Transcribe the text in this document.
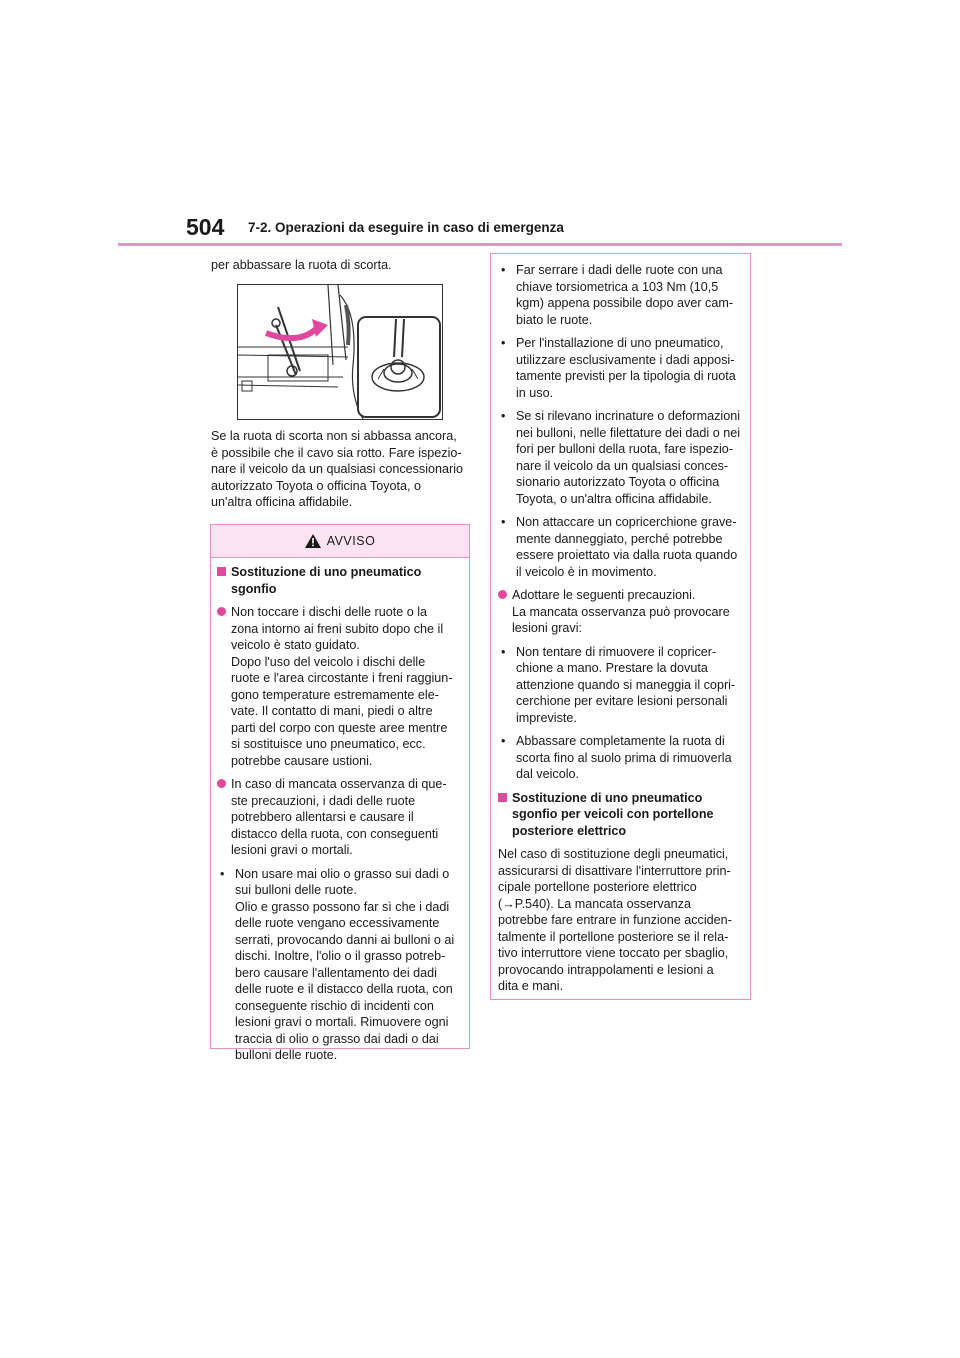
504 7-2. Operazioni da eseguire in caso di emergenza
per abbassare la ruota di scorta.
Se la ruota di scorta non si abbassa ancora,
è possibile che il cavo sia rotto. Fare ispezio-
nare il veicolo da un qualsiasi concessionario
autorizzato Toyota o officina Toyota, o
un'altra officina affidabile.
AVVISO
Sostituzione di uno pneumatico
sgonfio
Non toccare i dischi delle ruote o la
zona intorno ai freni subito dopo che il
veicolo è stato guidato.
Dopo l'uso del veicolo i dischi delle
ruote e l'area circostante i freni raggiun-
gono temperature estremamente ele-
vate. Il contatto di mani, piedi o altre
parti del corpo con queste aree mentre
si sostituisce uno pneumatico, ecc.
potrebbe causare ustioni.
In caso di mancata osservanza di que-
ste precauzioni, i dadi delle ruote
potrebbero allentarsi e causare il
distacco della ruota, con conseguenti
lesioni gravi o mortali.
• Non usare mai olio o grasso sui dadi o
sui bulloni delle ruote.
Olio e grasso possono far sì che i dadi
delle ruote vengano eccessivamente
serrati, provocando danni ai bulloni o ai
dischi. Inoltre, l'olio o il grasso potreb-
bero causare l'allentamento dei dadi
delle ruote e il distacco della ruota, con
conseguente rischio di incidenti con
lesioni gravi o mortali. Rimuovere ogni
traccia di olio o grasso dai dadi o dai
bulloni delle ruote.
• Far serrare i dadi delle ruote con una
chiave torsiometrica a 103 Nm (10,5
kgm) appena possibile dopo aver cam-
biato le ruote.
• Per l'installazione di uno pneumatico,
utilizzare esclusivamente i dadi apposi-
tamente previsti per la tipologia di ruota
in uso.
• Se si rilevano incrinature o deformazioni
nei bulloni, nelle filettature dei dadi o nei
fori per bulloni della ruota, fare ispezio-
nare il veicolo da un qualsiasi conces-
sionario autorizzato Toyota o officina
Toyota, o un'altra officina affidabile.
• Non attaccare un copricerchione grave-
mente danneggiato, perché potrebbe
essere proiettato via dalla ruota quando
il veicolo è in movimento.
Adottare le seguenti precauzioni.
La mancata osservanza può provocare
lesioni gravi:
• Non tentare di rimuovere il copricer-
chione a mano. Prestare la dovuta
attenzione quando si maneggia il copri-
cerchione per evitare lesioni personali
impreviste.
• Abbassare completamente la ruota di
scorta fino al suolo prima di rimuoverla
dal veicolo.
Sostituzione di uno pneumatico
sgonfio per veicoli con portellone
posteriore elettrico
Nel caso di sostituzione degli pneumatici,
assicurarsi di disattivare l'interruttore prin-
cipale portellone posteriore elettrico
(→P.540). La mancata osservanza
potrebbe fare entrare in funzione acciden-
talmente il portellone posteriore se il rela-
tivo interruttore viene toccato per sbaglio,
provocando intrappolamenti e lesioni a
dita e mani.
